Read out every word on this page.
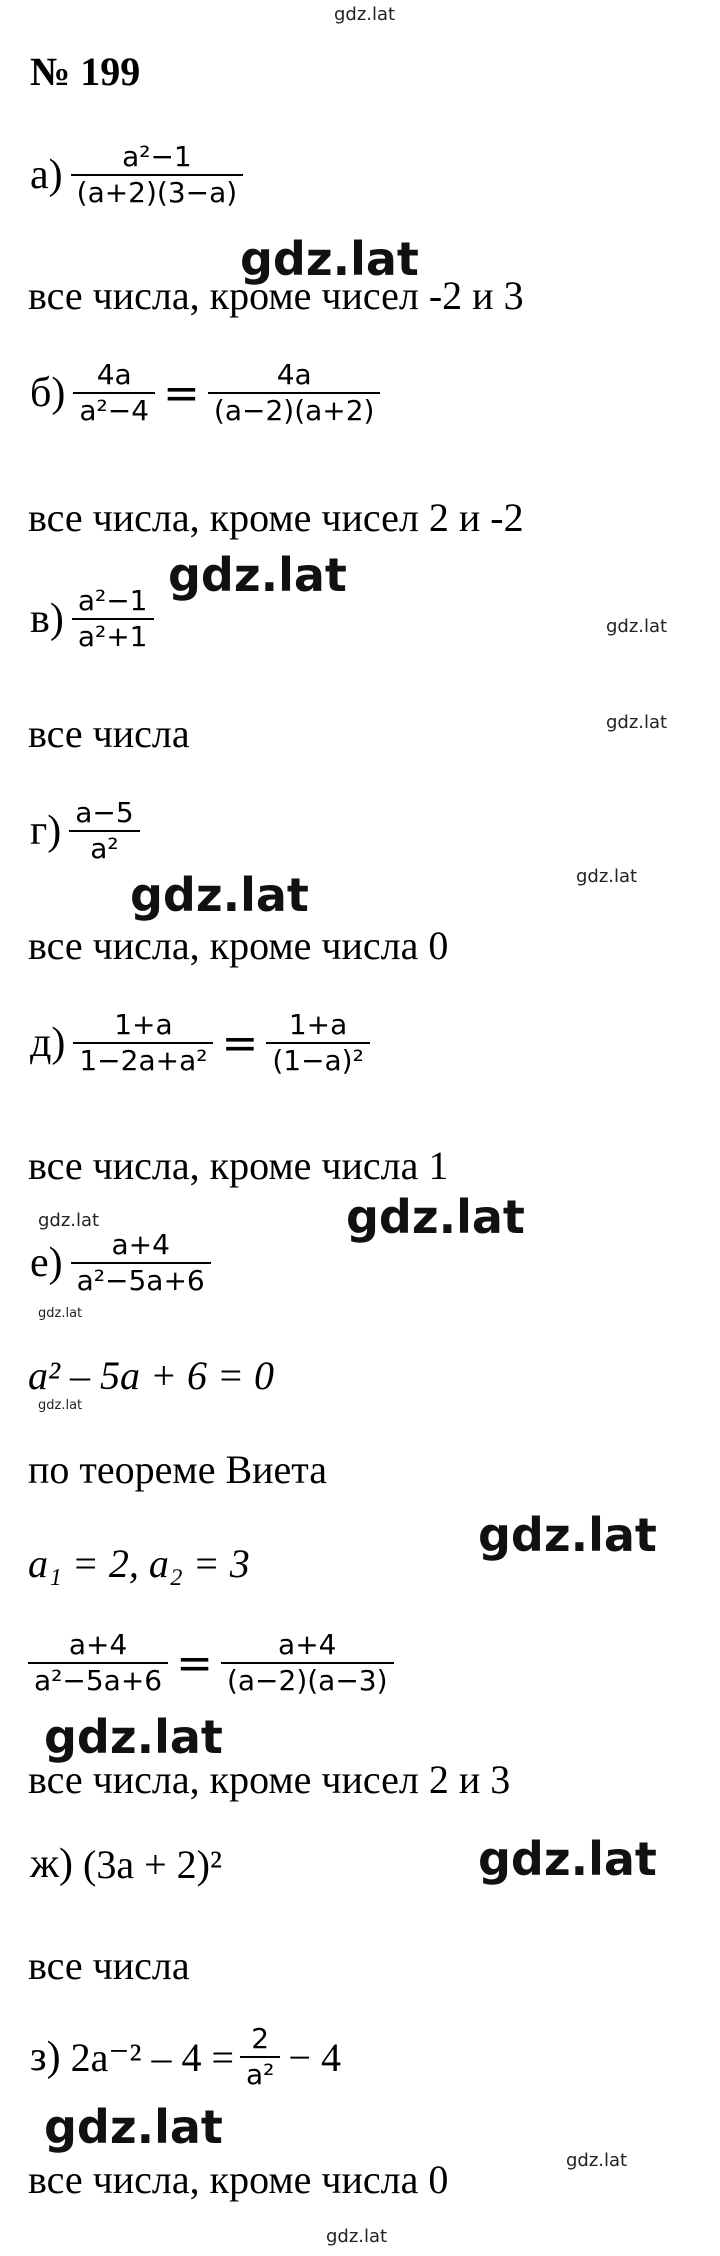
gdz.lat
gdz.lat
gdz.lat
gdz.lat
gdz.lat
gdz.lat	gdz.lat
gdz.lat	gdz.lat
gdz.lat
gdz.lat
gdz.lat
gdz.lat
gdz.lat
gdz.lat
gdz.lat
gdz.lat
№ 199
$а) \frac{\text{a²−1}}{(a+2)(3-a)}$
все числа, кроме чисел -2 и 3
$б) \frac{4a}{\text{a²−4}} = \frac{4a}{(a-2)(a+2)}$
все числа, кроме чисел 2 и -2
$в) \frac{\text{a²−1}}{\text{a²+1}}$
все числа
$г) \frac{a-5}{\text{a²}}$
все числа, кроме числа 0
$д) \frac{1+a}{\text{1−2a+a²}} = \frac{1+a}{\text{(1−a)²}}$
все числа, кроме числа 1
$е) \frac{a+4}{\text{a²−5a+6}}$
a² – 5a + 6 = 0
по теореме Виета
a₁ = 2, a₂ = 3
$\frac{a+4}{\text{a²−5a+6}} = \frac{a+4}{(a-2)(a-3)}$
все числа, кроме чисел 2 и 3
ж) (3a + 2)²
все числа
з) $2a^{-2} - 4 = \frac{2}{\text{a²}} - 4$
все числа, кроме числа 0
